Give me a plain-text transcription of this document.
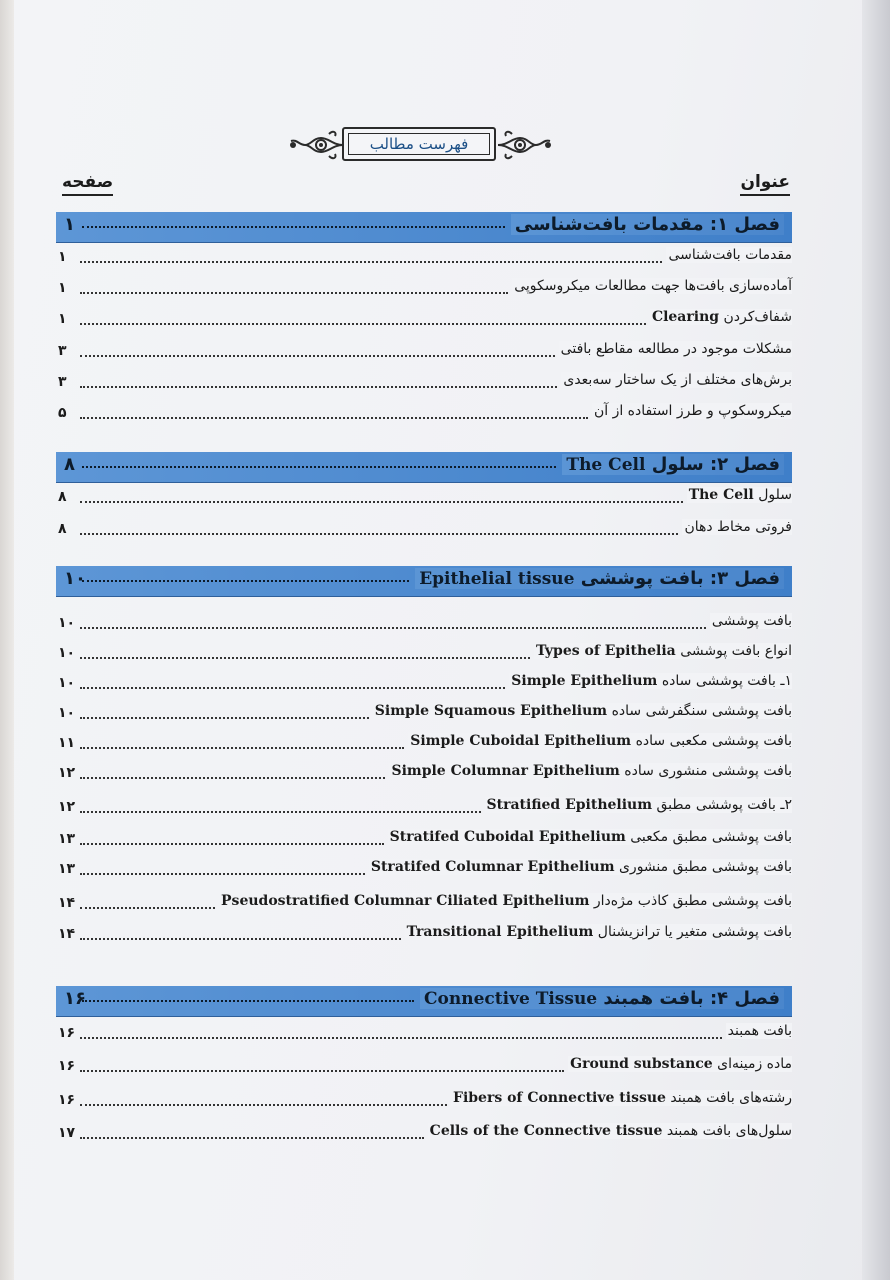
فهرست مطالب
عنوان
صفحه
۱	فصل ۱: مقدمات بافت‌شناسی
۱	مقدمات بافت‌شناسی
۱	آماده‌سازی بافت‌ها جهت مطالعات میکروسکوپی
۱	شفاف‌کردن Clearing
۳	مشکلات موجود در مطالعه مقاطع بافتی
۳	برش‌های مختلف از یک ساختار سه‌بعدی
۵	میکروسکوپ و طرز استفاده از آن
۸	فصل ۲: سلول The Cell
۸	سلول The Cell
۸	فروتی مخاط دهان
۱۰	فصل ۳: بافت پوششی Epithelial tissue
۱۰	بافت پوششی
۱۰	انواع بافت پوششی Types of Epithelia
۱۰	۱ـ بافت پوششی ساده Simple Epithelium
۱۰	بافت پوششی سنگفرشی ساده Simple Squamous Epithelium
۱۱	بافت پوششی مکعبی ساده Simple Cuboidal Epithelium
۱۲	بافت پوششی منشوری ساده Simple Columnar Epithelium
۱۲	۲ـ بافت پوششی مطبق Stratified Epithelium
۱۳	بافت پوششی مطبق مکعبی Stratifed Cuboidal Epithelium
۱۳	بافت پوششی مطبق منشوری Stratifed Columnar Epithelium
۱۴	بافت پوششی مطبق کاذب مژه‌دار Pseudostratified Columnar Ciliated Epithelium
۱۴	بافت پوششی متغیر یا ترانزیشنال Transitional Epithelium
۱۶	فصل ۴: بافت همبند Connective Tissue
۱۶	بافت همبند
۱۶	ماده زمینه‌ای Ground substance
۱۶	رشته‌های بافت همبند Fibers of Connective tissue
۱۷	سلول‌های بافت همبند Cells of the Connective tissue
